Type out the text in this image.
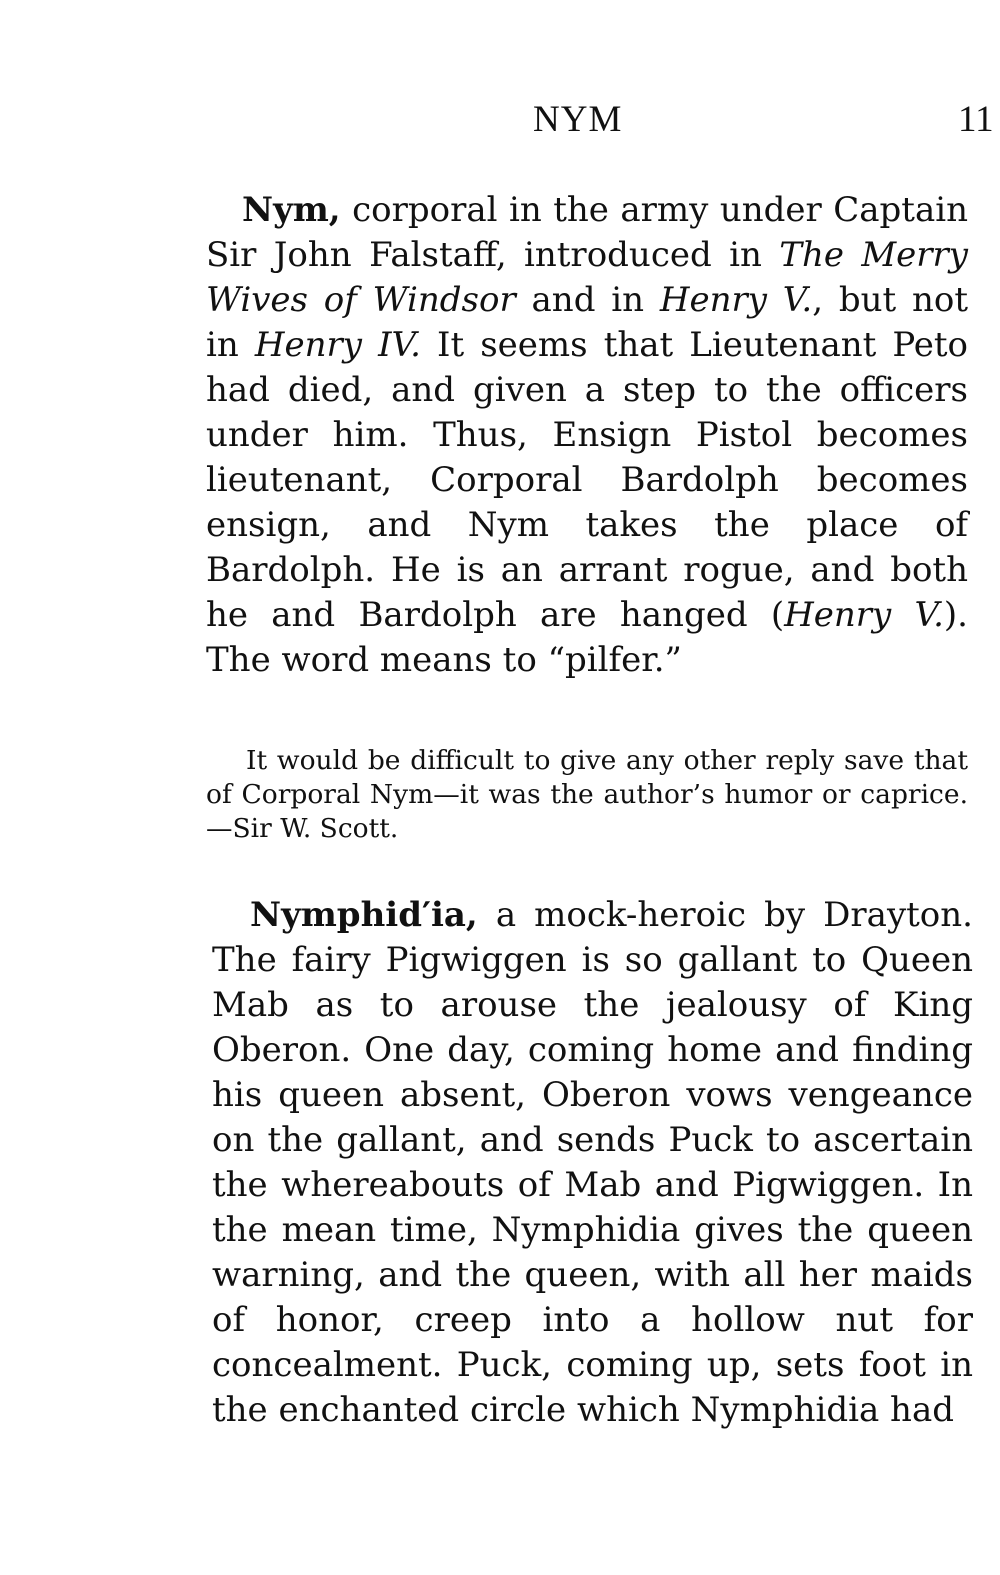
NYM	11

Nym, corporal in the army under Captain Sir John Falstaff, introduced in The Merry Wives of Windsor and in Henry V., but not in Henry IV. It seems that Lieutenant Peto had died, and given a step to the officers under him. Thus, Ensign Pistol becomes lieutenant, Corporal Bardolph becomes ensign, and Nym takes the place of Bardolph. He is an arrant rogue, and both he and Bardolph are hanged (Henry V.). The word means to “pilfer.”

It would be difficult to give any other reply save that of Corporal Nym—it was the author’s humor or caprice.—Sir W. Scott.

Nymphid′ia, a mock-heroic by Drayton. The fairy Pigwiggen is so gallant to Queen Mab as to arouse the jealousy of King Oberon. One day, coming home and finding his queen absent, Oberon vows vengeance on the gallant, and sends Puck to ascertain the whereabouts of Mab and Pigwiggen. In the mean time, Nymphidia gives the queen warning, and the queen, with all her maids of honor, creep into a hollow nut for concealment. Puck, coming up, sets foot in the enchanted circle which Nymphidia had
